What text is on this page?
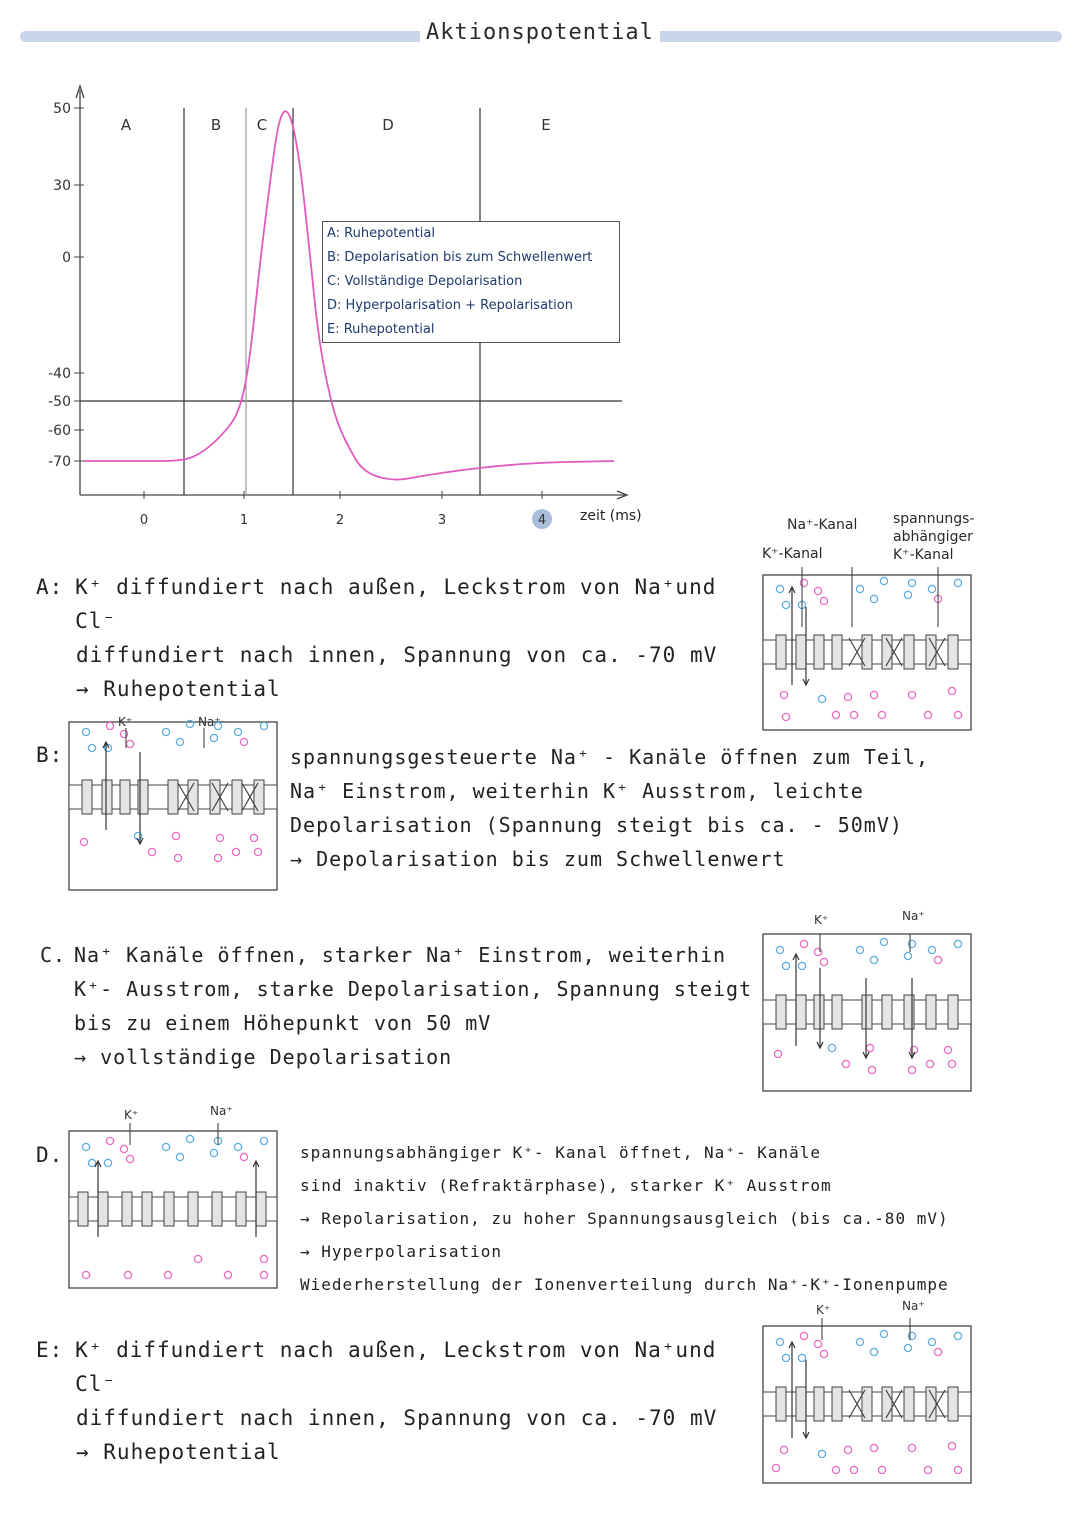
Aktionspotential
50
30
0
-40
-50
-60
-70
0	1	2	3	4 zeit (ms)
A	B C	D	E
A: Ruhepotential
B: Depolarisation bis zum Schwellenwert
C: Vollständige Depolarisation
D: Hyperpolarisation + Repolarisation
E: Ruhepotential
Na⁺-Kanal
K⁺-Kanal
spannungs-
abhängiger
K⁺-Kanal
A: K⁺ diffundiert nach außen, Leckstrom von Na⁺und Cl⁻
diffundiert nach innen, Spannung von ca. -70 mV
→ Ruhepotential
B:	spannungsgesteuerte Na⁺ - Kanäle öffnen zum Teil,
Na⁺ Einstrom, weiterhin K⁺ Ausstrom, leichte
Depolarisation (Spannung steigt bis ca. - 50mV)
→ Depolarisation bis zum Schwellenwert
C. Na⁺ Kanäle öffnen, starker Na⁺ Einstrom, weiterhin
K⁺- Ausstrom, starke Depolarisation, Spannung steigt
bis zu einem Höhepunkt von 50 mV
→ vollständige Depolarisation
D.	spannungsabhängiger K⁺- Kanal öffnet, Na⁺- Kanäle
sind inaktiv (Refraktärphase), starker K⁺ Ausstrom
→ Repolarisation, zu hoher Spannungsausgleich (bis ca.-80 mV)
→ Hyperpolarisation
Wiederherstellung der Ionenverteilung durch Na⁺-K⁺-Ionenpumpe
E: K⁺ diffundiert nach außen, Leckstrom von Na⁺und Cl⁻
diffundiert nach innen, Spannung von ca. -70 mV
→ Ruhepotential
K⁺	Na⁺
K⁺	Na⁺
K⁺	Na⁺
K⁺	Na⁺
